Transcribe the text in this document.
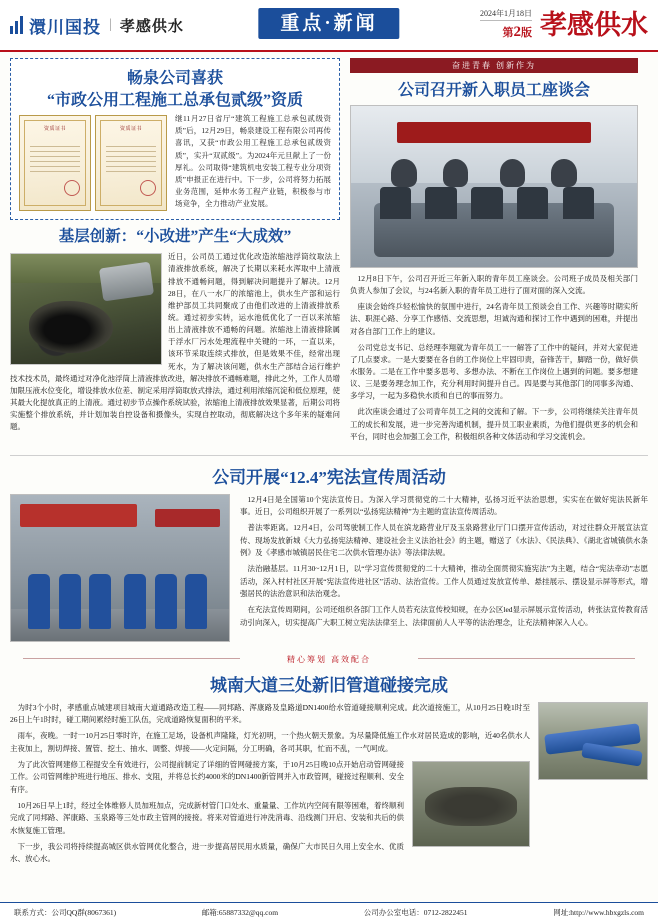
澴川国投 | 孝感供水	重点·新闻	2024年1月18日
第2版 孝感供水
畅泉公司喜获
“市政公用工程施工总承包贰级”资质
资质证书	资质证书
继11月27日省厅“建筑工程施工总承包贰级资质”后，12月29日，畅泉建设工程有限公司再传喜讯，又获“市政公用工程施工总承包贰级资质”，实升“双贰级”。为2024年元旦献上了一份厚礼。公司取得“建筑机电安装工程专业分项资质”申报正在进行中。下一步，公司将努力拓展业务范围，延伸水务工程产业链，积极参与市场竞争，全力推动产业发展。
基层创新：“小改进”产生“大成效”
近日，公司员工通过优化改造浓缩池浮筒纹取法上清液排放系统，解决了长期以来耗水浑取中上清液排放不通畅问题，得到解决问题提升了解决。12月28日，在八一水厂的浓缩池上，供水生产部和运行维护部员工共同聚成了由他们改进的上清液排放系统。通过初步实转，运水池低优化了一百以来浓缩出上清液排放不通畅的问题。浓缩池上清液排除属于浮水厂污水处理流程中关键的一环，一直以来，该环节采取连续式排放，但是效果不佳，经常出现死水，为了解决该问题，供水生产部结合运行维护技术技术员，最终通过对净化池浮筒上清液排放改进，解决排放不通畅难题，排此之外，工作人员增加限压液水位变化，增设排放水位差、制定采用浮筒取放式排法，通过利用浓缩沉淀和低位原理，使其最大化提放真正的上清液。通过初步节点操作系统试验，浓缩池上清液排放效果显著，后期公司将实施整个排放系统，并计划加装自控设备和摄像头，实现自控取动，彻底解决这个多年来的疑难问题。
奋进青春 创新作为
公司召开新入职员工座谈会

12月8日下午，公司召开近三年新入职的青年员工座谈会。公司班子成员及相关部门负责人参加了会议，与24名新入职的青年员工进行了面对面的深入交流。

座谈会始终乒轻松愉快的氛围中进行，24名青年员工预谈会自工作、兴趣等时期实所法、职涯心路、分享工作感悟、交流思想，坦诚沟通和探讨工作中遇到的困难，并提出对各自部门工作上的建议。

公司党总支书记、总经理李翔就为青年员工一一解答了工作中的疑问，并对大家促进了几点要求。一是大要要在各自的工作岗位上牢固印责，奋锋苦干，脚踏一份，做好供水服务。二是在工作中要多思考、多想办法、不断在工作岗位上遇到的问题。要多想建议、三是要务理念加工作，充分利用时间提升自己。四是要与其他部门的同事多沟通、多学习，一起为多稳快水质和自已的事而努力。

此次座谈会通过了公司青年员工之间的交流和了解。下一步，公司将继续关注青年员工的成长和发展，进一步完善沟通机制，提升员工职业素质，为他们提供更多的机会和平台，同时也会加强工会工作，积极组织各种文体活动和学习交流机会。

公司开展“12.4”宪法宣传周活动

12月4日是全国第10个宪法宣传日。为深入学习贯彻党的二十大精神，弘扬习近平法治思想，实实在在做好宪法民新年事。近日，公司组织开展了一系列以“弘扬宪法精神”为主题的宣法宣传周活动。

普法零距离。12月4日，公司驾驶制工作人员在滨龙路营业厅及玉泉路营业厅门口摆开宣传活动，对过往群众开展宣法宣传、现场发放新城《大力弘扬宪法精神、建设社会主义法治社会》的主题，赠送了《水法》、《民法典》、《湖北省城镇供水条例》及《孝感市城镇居民住宅二次供水管理办法》等法律法规。

法治融基层。11月30~12月1日，以“学习宣传贯彻党的二十大精神，推动全面贯彻实施宪法”为主题，结合“宪法牵动”志愿活动，深入村村社区开展“宪法宣传进社区”活动、法治宣传。工作人员通过发放宣传单、悬挂展示、摆设显示屏等形式，增强居民的法治意识和法治观念。

在充法宣传周期间，公司还组织各部门工作人员若充法宣传校知规，在办公区led显示屏展示宣传活动，转张法宣传教育活动引向深入，切实提高广大职工树立宪法法律至上、法律面前人人平等的法治理念，让充法精神深入人心。

精心筹划 高效配合
城南大道三处新旧管道碰接完成

为时3个小时，孝感重点城建项目城南大道通路改造工程——同邦路、浑康路及皇路道DN1400给水管道碰接顺利完成。此次道接施工，从10月25日晚1时至26日上午1时时，碰工期间累经时施工队伍，完成道路恢复面积的平米。

雨车，夜晚。一时一10月25日零时许，在施工足场，设备机声隆隆，灯光初明，一个热火朝天景象。为尽量降低施工作水对居民造成的影响，近40名供水人主夜加上，割切焊接、置管、挖土、抽水、调整、焊接——火定问隔，分工明确，各司其职，忙而不乱，一气呵成。

为了此次管网建修工程提安全有效进行，公司提前制定了详细的管网碰接方案，于10月25日晚10点开始启动管网碰接工作。公司管网维护班进行地压、排水、支阻，并将总长约4000米的DN1400新管网并入市政管网，碰接过程顺利、安全有序。

10月26日早上1时，经过全体维修人员加班加点，完成新材管门口处水、重量量、工作坑内空间有限等困难，着终顺利完成了同邦路、浑康路、玉泉路等三处市政主管网的接接。将来对管道进行冲洗消毒、沿线测门开启、安装和共后的供水恢复施工管理。

下一步，我公司将持续提高城区供水管网优化整合，进一步提高居民用水质量，确保广大市民日久用上安全水、优质水、放心水。

联系方式：公司QQ群(8067361)	邮箱:65887332@qq.com	公司办公室电话：0712-2822451	网址:http://www.hbxgzls.com
